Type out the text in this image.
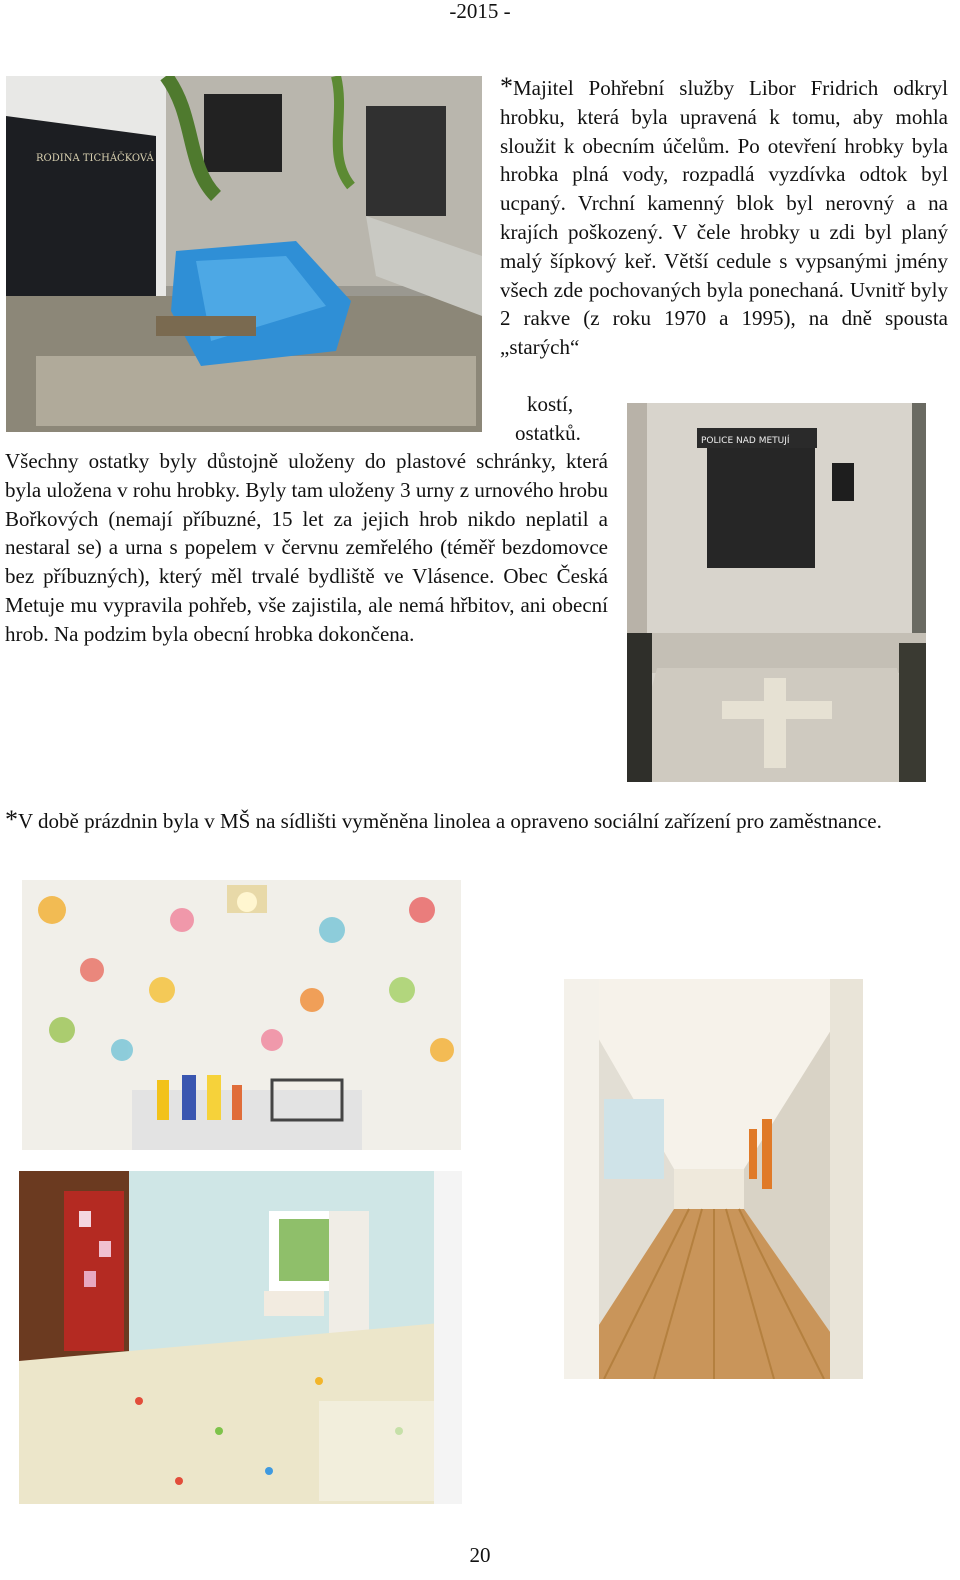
-2015 -
RODINA TICHÁČKOVÁ
*Majitel Pohřební služby Libor Fridrich odkryl hrobku, která byla upravená k tomu, aby mohla sloužit k obecním účelům. Po otevření hrobky byla hrobka plná vody, rozpadlá vyzdívka odtok byl ucpaný. Vrchní kamenný blok byl nerovný a na krajích poškozený. V čele hrobky u zdi byl planý malý šípkový keř. Větší cedule s vypsanými jmény všech zde pochovaných byla ponechaná. Uvnitř byly 2 rakve (z roku 1970 a 1995), na dně spousta „starých“
kostí,
ostatků.	POLICE NAD METUJÍ
Všechny ostatky byly důstojně uloženy do plastové schránky, která byla uložena v rohu hrobky. Byly tam uloženy 3 urny z urnového hrobu Bořkových (nemají příbuzné, 15 let za jejich hrob nikdo neplatil a nestaral se) a urna s popelem v červnu zemřelého (téměř bezdomovce bez příbuzných), který měl trvalé bydliště ve Vlásence. Obec Česká Metuje mu vypravila pohřeb, vše zajistila, ale nemá hřbitov, ani obecní hrob. Na podzim byla obecní hrobka dokončena.
*V době prázdnin byla v MŠ na sídlišti vyměněna linolea a opraveno sociální zařízení pro zaměstnance.
20
